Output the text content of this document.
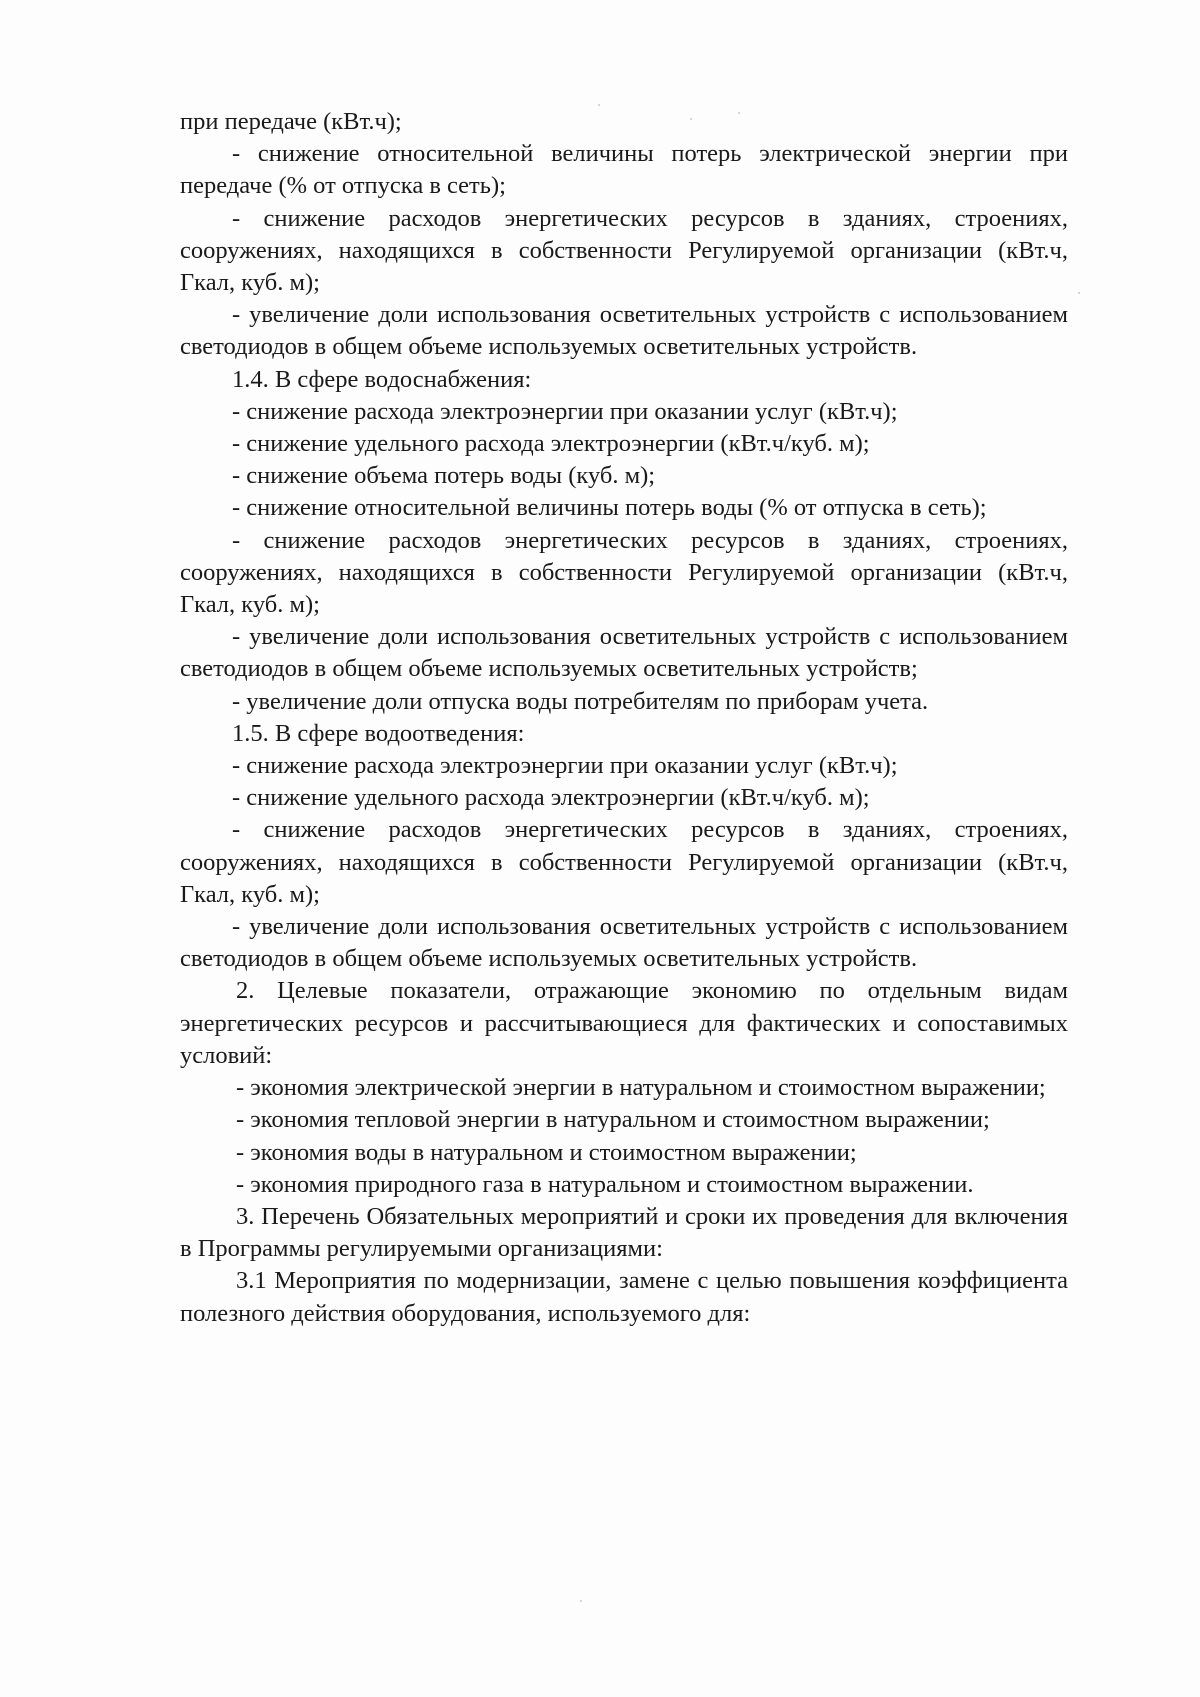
при передаче (кВт.ч);

- снижение относительной величины потерь электрической энергии при передаче (% от отпуска в сеть);

- снижение расходов энергетических ресурсов в зданиях, строениях, сооружениях, находящихся в собственности Регулируемой организации (кВт.ч, Гкал, куб. м);

- увеличение доли использования осветительных устройств с использованием светодиодов в общем объеме используемых осветительных устройств.

1.4. В сфере водоснабжения:

- снижение расхода электроэнергии при оказании услуг (кВт.ч);

- снижение удельного расхода электроэнергии (кВт.ч/куб. м);

- снижение объема потерь воды (куб. м);

- снижение относительной величины потерь воды (% от отпуска в сеть);

- снижение расходов энергетических ресурсов в зданиях, строениях, сооружениях, находящихся в собственности Регулируемой организации (кВт.ч, Гкал, куб. м);

- увеличение доли использования осветительных устройств с использованием светодиодов в общем объеме используемых осветительных устройств;

- увеличение доли отпуска воды потребителям по приборам учета.

1.5. В сфере водоотведения:

- снижение расхода электроэнергии при оказании услуг (кВт.ч);

- снижение удельного расхода электроэнергии (кВт.ч/куб. м);

- снижение расходов энергетических ресурсов в зданиях, строениях, сооружениях, находящихся в собственности Регулируемой организации (кВт.ч, Гкал, куб. м);

- увеличение доли использования осветительных устройств с использованием светодиодов в общем объеме используемых осветительных устройств.

2. Целевые показатели, отражающие экономию по отдельным видам энергетических ресурсов и рассчитывающиеся для фактических и сопоставимых условий:

- экономия электрической энергии в натуральном и стоимостном выражении;

- экономия тепловой энергии в натуральном и стоимостном выражении;

- экономия воды в натуральном и стоимостном выражении;

- экономия природного газа в натуральном и стоимостном выражении.

3. Перечень Обязательных мероприятий и сроки их проведения для включения в Программы регулируемыми организациями:

3.1 Мероприятия по модернизации, замене с целью повышения коэффициента полезного действия оборудования, используемого для:
